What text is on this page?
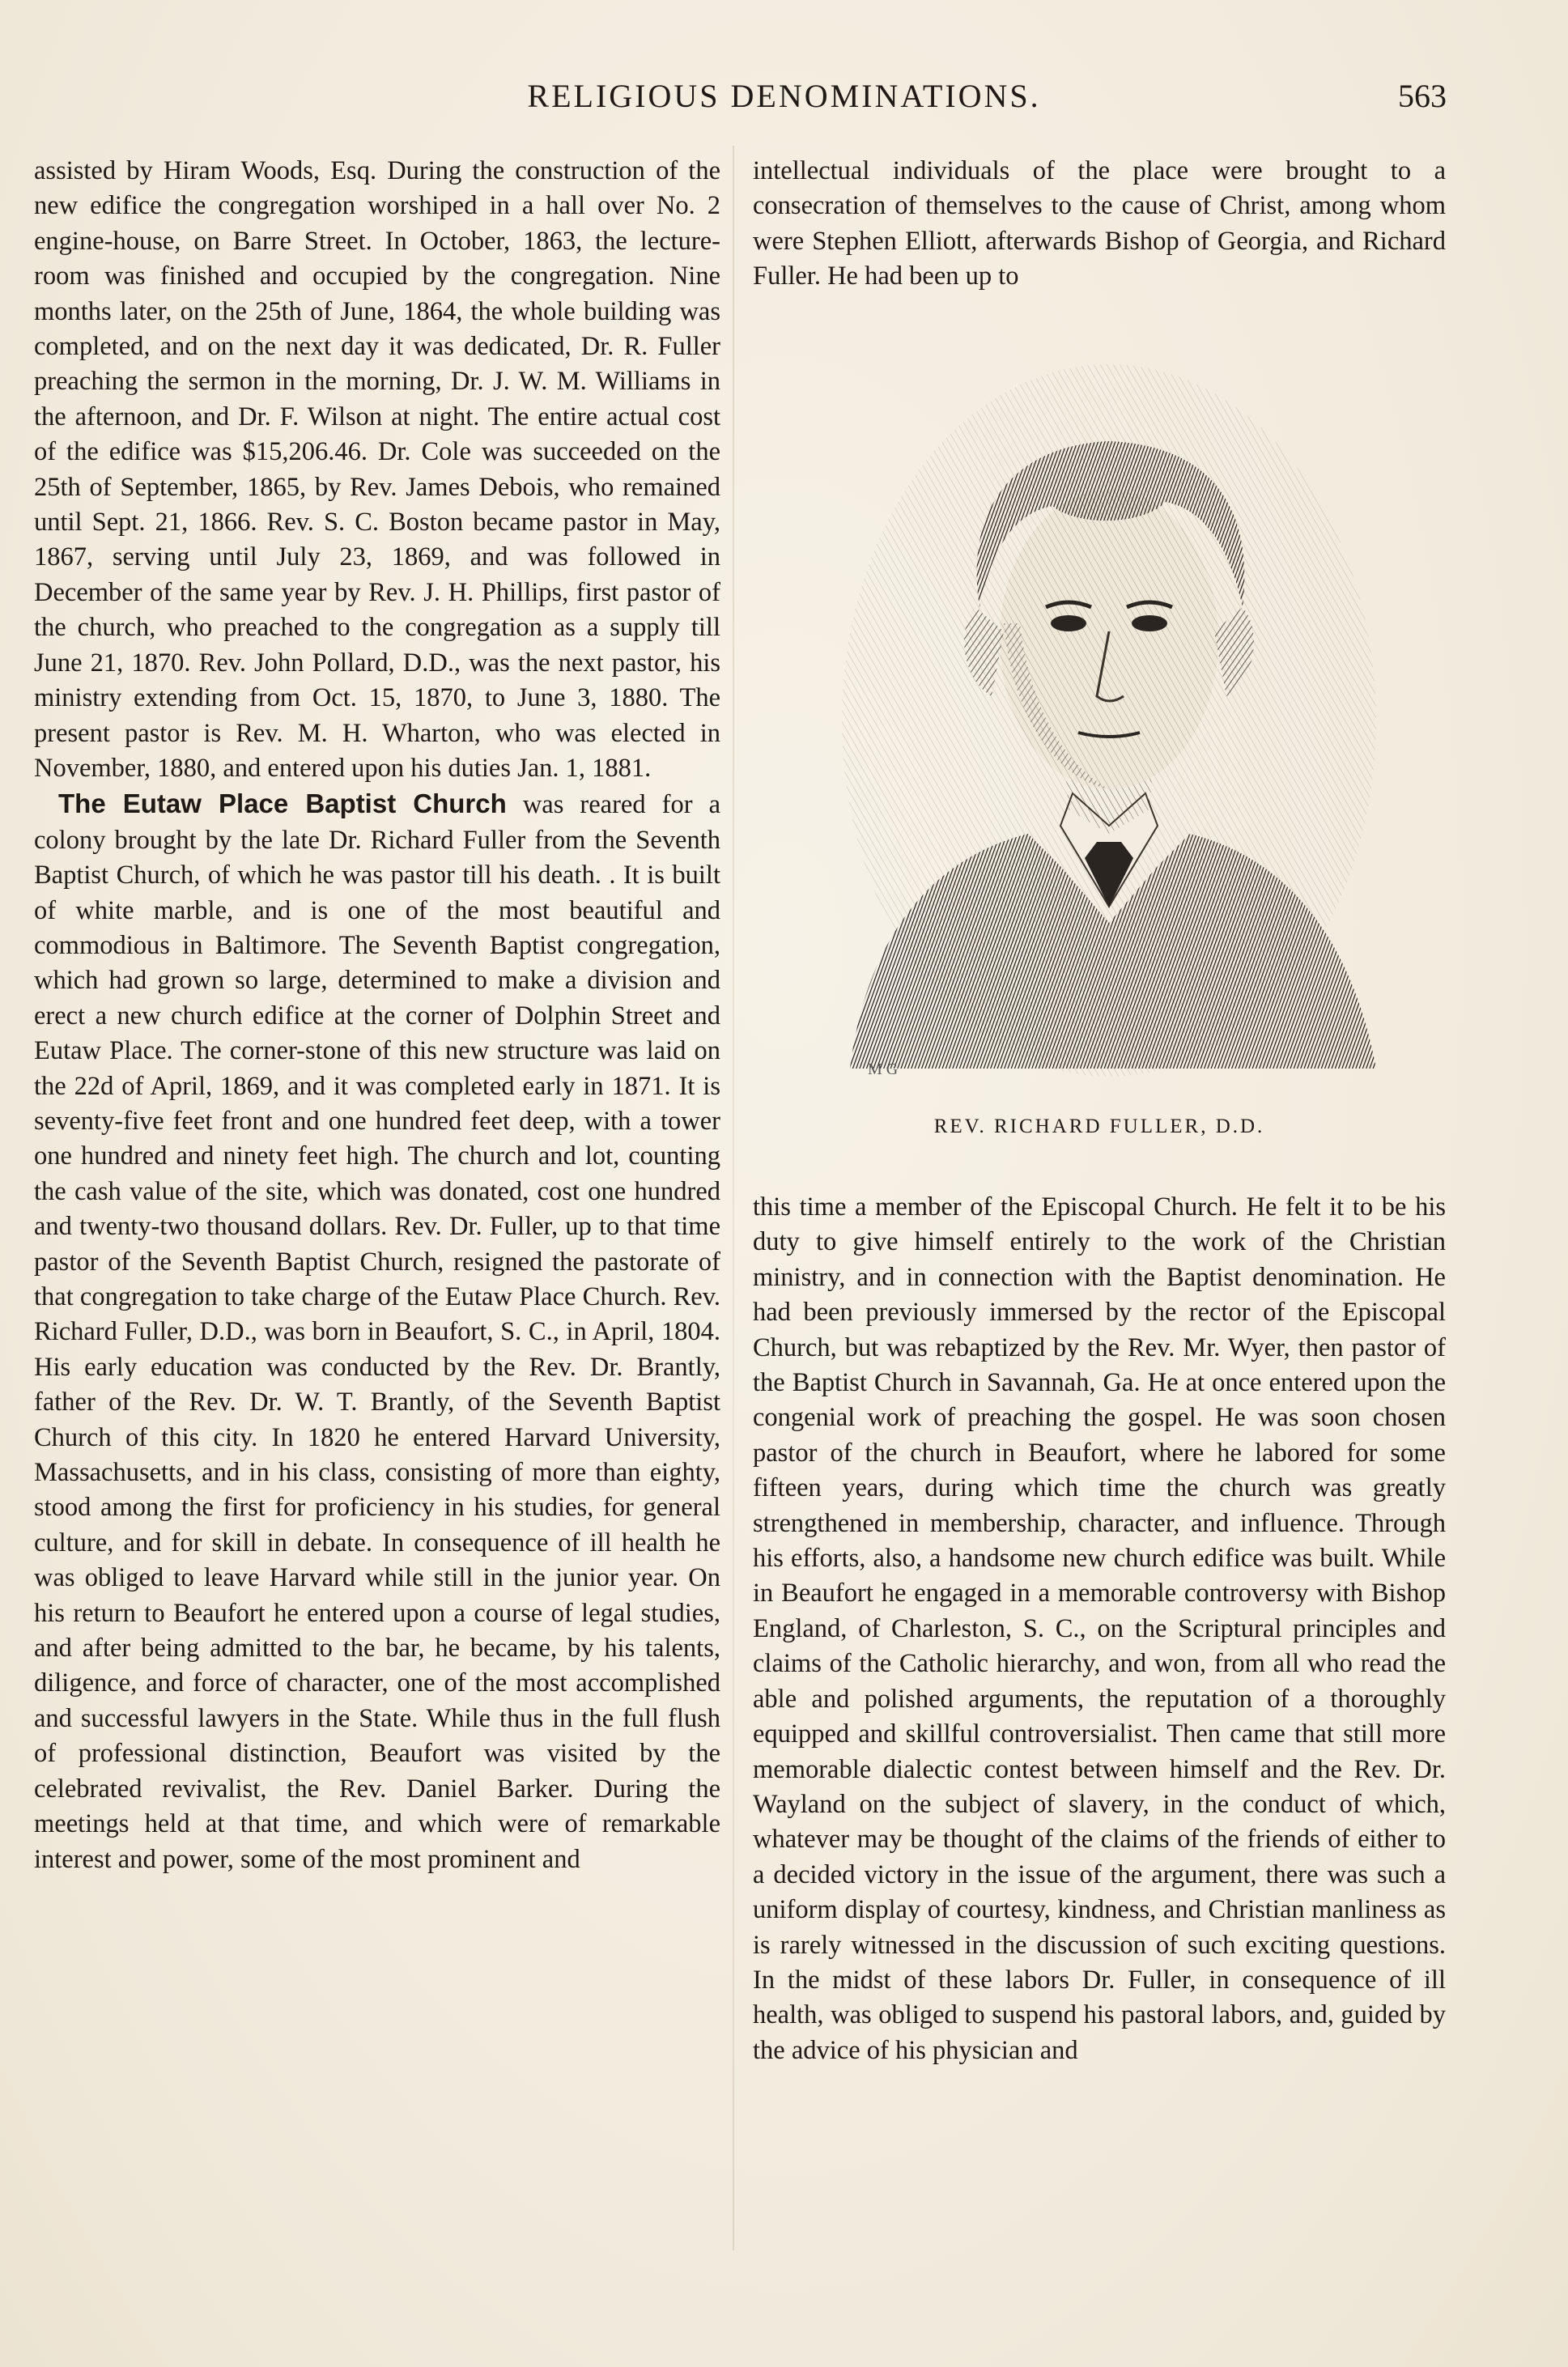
RELIGIOUS DENOMINATIONS.	563

assisted by Hiram Woods, Esq. During the construction of the new edifice the congregation worshiped in a hall over No. 2 engine-house, on Barre Street. In October, 1863, the lecture-room was finished and occupied by the congregation. Nine months later, on the 25th of June, 1864, the whole building was completed, and on the next day it was dedicated, Dr. R. Fuller preaching the sermon in the morning, Dr. J. W. M. Williams in the afternoon, and Dr. F. Wilson at night. The entire actual cost of the edifice was $15,206.46. Dr. Cole was succeeded on the 25th of September, 1865, by Rev. James Debois, who remained until Sept. 21, 1866. Rev. S. C. Boston became pastor in May, 1867, serving until July 23, 1869, and was followed in December of the same year by Rev. J. H. Phillips, first pastor of the church, who preached to the congregation as a supply till June 21, 1870. Rev. John Pollard, D.D., was the next pastor, his ministry extending from Oct. 15, 1870, to June 3, 1880. The present pastor is Rev. M. H. Wharton, who was elected in November, 1880, and entered upon his duties Jan. 1, 1881.

The Eutaw Place Baptist Church was reared for a colony brought by the late Dr. Richard Fuller from the Seventh Baptist Church, of which he was pastor till his death. . It is built of white marble, and is one of the most beautiful and commodious in Baltimore. The Seventh Baptist congregation, which had grown so large, determined to make a division and erect a new church edifice at the corner of Dolphin Street and Eutaw Place. The corner-stone of this new structure was laid on the 22d of April, 1869, and it was completed early in 1871. It is seventy-five feet front and one hundred feet deep, with a tower one hundred and ninety feet high. The church and lot, counting the cash value of the site, which was donated, cost one hundred and twenty-two thousand dollars. Rev. Dr. Fuller, up to that time pastor of the Seventh Baptist Church, resigned the pastorate of that congregation to take charge of the Eutaw Place Church. Rev. Richard Fuller, D.D., was born in Beaufort, S. C., in April, 1804. His early education was conducted by the Rev. Dr. Brantly, father of the Rev. Dr. W. T. Brantly, of the Seventh Baptist Church of this city. In 1820 he entered Harvard University, Massachusetts, and in his class, consisting of more than eighty, stood among the first for proficiency in his studies, for general culture, and for skill in debate. In consequence of ill health he was obliged to leave Harvard while still in the junior year. On his return to Beaufort he entered upon a course of legal studies, and after being admitted to the bar, he became, by his talents, diligence, and force of character, one of the most accomplished and successful lawyers in the State. While thus in the full flush of professional distinction, Beaufort was visited by the celebrated revivalist, the Rev. Daniel Barker. During the meetings held at that time, and which were of remarkable interest and power, some of the most prominent and

intellectual individuals of the place were brought to a consecration of themselves to the cause of Christ, among whom were Stephen Elliott, afterwards Bishop of Georgia, and Richard Fuller. He had been up to

M G
REV. RICHARD FULLER, D.D.

this time a member of the Episcopal Church. He felt it to be his duty to give himself entirely to the work of the Christian ministry, and in connection with the Baptist denomination. He had been previously immersed by the rector of the Episcopal Church, but was rebaptized by the Rev. Mr. Wyer, then pastor of the Baptist Church in Savannah, Ga. He at once entered upon the congenial work of preaching the gospel. He was soon chosen pastor of the church in Beaufort, where he labored for some fifteen years, during which time the church was greatly strengthened in membership, character, and influence. Through his efforts, also, a handsome new church edifice was built. While in Beaufort he engaged in a memorable controversy with Bishop England, of Charleston, S. C., on the Scriptural principles and claims of the Catholic hierarchy, and won, from all who read the able and polished arguments, the reputation of a thoroughly equipped and skillful controversialist. Then came that still more memorable dialectic contest between himself and the Rev. Dr. Wayland on the subject of slavery, in the conduct of which, whatever may be thought of the claims of the friends of either to a decided victory in the issue of the argument, there was such a uniform display of courtesy, kindness, and Christian manliness as is rarely witnessed in the discussion of such exciting questions. In the midst of these labors Dr. Fuller, in consequence of ill health, was obliged to suspend his pastoral labors, and, guided by the advice of his physician and
